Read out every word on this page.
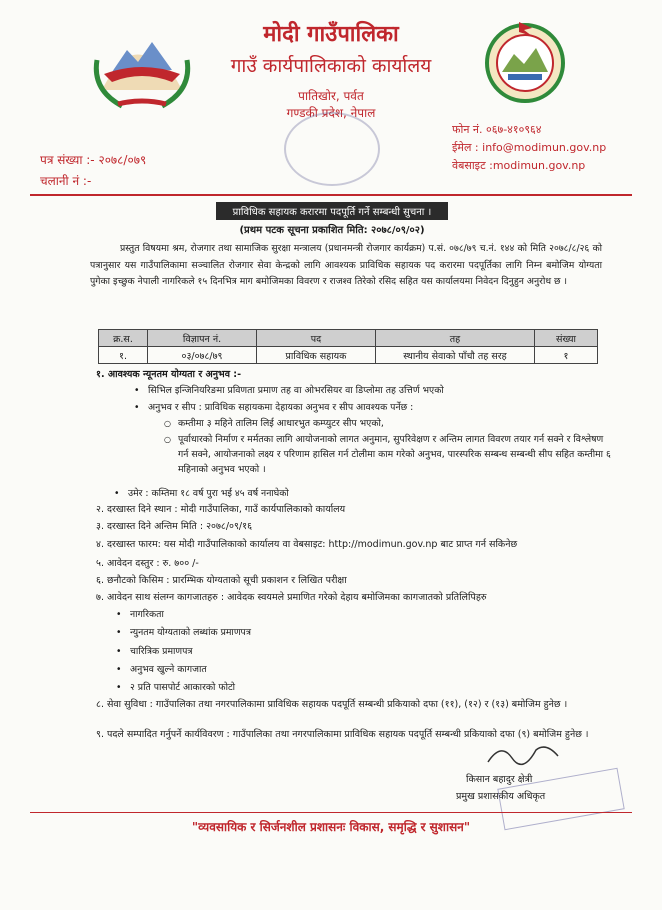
मोदी गाउँपालिका
गाउँ कार्यपालिकाको कार्यालय
पातिखोर, पर्वत
गण्डकी प्रदेश, नेपाल
फोन नं. ०६७-४१०९६४
ईमेल : info@modimun.gov.np
वेबसाइट :modimun.gov.np
पत्र संख्या :- २०७८/०७९
चलानी नं :-
प्राविधिक सहायक करारमा पदपूर्ति गर्ने सम्बन्धी सुचना ।
(प्रथम पटक सूचना प्रकाशित मिति: २०७८/०९/०२)
प्रस्तुत विषयमा श्रम, रोजगार तथा सामाजिक सुरक्षा मन्त्रालय (प्रधानमन्त्री रोजगार कार्यक्रम) प.सं. ०७८/७९ च.नं. १४४ को मिति २०७८/८/२६ को पत्रानुसार यस गाउँपालिकामा सञ्चालित रोजगार सेवा केन्द्रको लागि आवश्यक प्राविधिक सहायक पद करारमा पदपूर्तिका लागि निम्न बमोजिम योग्यता पुगेका इच्छुक नेपाली नागरिकले १५ दिनभित्र माग बमोजिमका विवरण र राजश्व तिरेको रसिद सहित यस कार्यालयमा निवेदन दिनुहुन अनुरोध छ ।
क्र.स.	विज्ञापन नं.	पद	तह	संख्या
१.	०३/०७८/७९	प्राविधिक सहायक	स्थानीय सेवाको पाँचौ तह सरह	१
१. आवश्यक न्यूनतम योग्यता र अनुभव :-
• सिभिल इन्जिनियरिङमा प्रविणता प्रमाण तह वा ओभरसियर वा डिप्लोमा तह उत्तिर्ण भएको
• अनुभव र सीप : प्राविधिक सहायकमा देहायका अनुभव र सीप आवश्यक पर्नेछ :
○ कम्तीमा ३ महिने तालिम लिई आधारभुत कम्प्युटर सीप भएको,
○ पूर्वाधारको निर्माण र मर्मतका लागि आयोजनाको लागत अनुमान, सुपरिवेक्षण र अन्तिम लागत विवरण तयार गर्न सक्ने र विश्लेषण गर्न सक्ने, आयोजनाको लक्ष्य र परिणाम हासिल गर्न टोलीमा काम गरेको अनुभव, पारस्परिक सम्बन्ध सम्बन्धी सीप सहित कम्तीमा ६ महिनाको अनुभव भएको ।
• उमेर : कम्तिमा १८ वर्ष पुरा भई ४५ वर्ष ननाघेको
२. दरखास्त दिने स्थान : मोदी गाउँपालिका, गाउँ कार्यपालिकाको कार्यालय
३. दरखास्त दिने अन्तिम मिति : २०७८/०९/१६
४. दरखास्त फारम: यस मोदी गाउँपालिकाको कार्यालय वा वेबसाइट: http://modimun.gov.np बाट प्राप्त गर्न सकिनेछ
५. आवेदन दस्तुर : रु. ७०० /-
६. छनौटको किसिम : प्रारम्भिक योग्यताको सूची प्रकाशन र लिखित परीक्षा
७. आवेदन साथ संलग्न कागजातहरु : आवेदक स्वयमले प्रमाणित गरेको देहाय बमोजिमका कागजातको प्रतिलिपिहरु
• नागरिकता
• न्युनतम योग्यताको लब्धांक प्रमाणपत्र
• चारित्रिक प्रमाणपत्र
• अनुभव खुल्ने कागजात
• २ प्रति पासपोर्ट आकारको फोटो
८. सेवा सुविधा : गाउँपालिका तथा नगरपालिकामा प्राविधिक सहायक पदपूर्ति सम्बन्धी प्रकियाको दफा (११), (१२) र (१३) बमोजिम हुनेछ ।
९. पदले सम्पादित गर्नुपर्ने कार्यविवरण : गाउँपालिका तथा नगरपालिकामा प्राविधिक सहायक पदपूर्ति सम्बन्धी प्रकियाको दफा (९) बमोजिम हुनेछ ।
किसान बहादुर क्षेत्री
प्रमुख प्रशासकीय अधिकृत
"व्यवसायिक र सिर्जनशील प्रशासनः विकास, समृद्धि र सुशासन"
